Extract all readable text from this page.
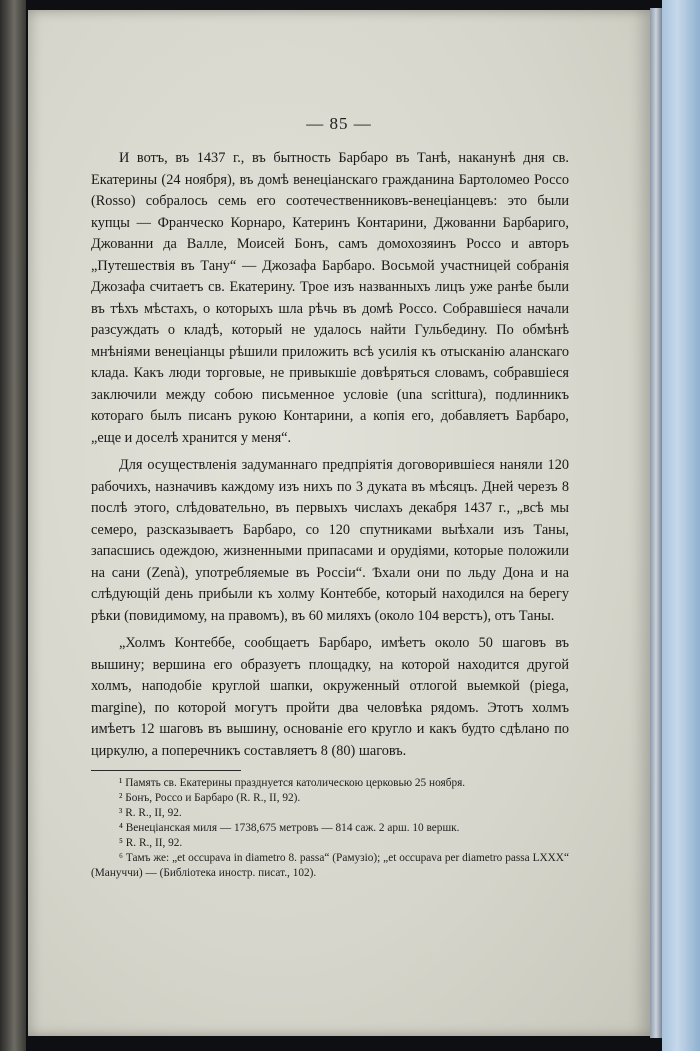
— 85 —

И вотъ, въ 1437 г., въ бытность Барбаро въ Танѣ, наканунѣ дня св. Екатерины (24 ноября), въ домѣ венеціанскаго гражданина Бартоломео Россо (Rosso) собралось семь его соотечественниковъ-венеціанцевъ: это были купцы — Франческо Корнаро, Катеринъ Контарини, Джованни Барбариго, Джованни да Валле, Моисей Бонъ, самъ домохозяинъ Россо и авторъ „Путешествія въ Тану“ — Джозафа Барбаро. Восьмой участницей собранія Джозафа считаетъ св. Екатерину. Трое изъ названныхъ лицъ уже ранѣе были въ тѣхъ мѣстахъ, о которыхъ шла рѣчь въ домѣ Россо. Собравшіеся начали разсуждать о кладѣ, который не удалось найти Гульбедину. По обмѣнѣ мнѣніями венеціанцы рѣшили приложить всѣ усилія къ отысканію аланскаго клада. Какъ люди торговые, не привыкшіе довѣряться словамъ, собравшіеся заключили между собою письменное условіе (una scrittura), подлинникъ котораго былъ писанъ рукою Контарини, а копія его, добавляетъ Барбаро, „еще и доселѣ хранится у меня“.

Для осуществленія задуманнаго предпріятія договорившіеся наняли 120 рабочихъ, назначивъ каждому изъ нихъ по 3 дуката въ мѣсяцъ. Дней черезъ 8 послѣ этого, слѣдовательно, въ первыхъ числахъ декабря 1437 г., „всѣ мы семеро, разсказываетъ Барбаро, со 120 спутниками выѣхали изъ Таны, запасшись одеждою, жизненными припасами и орудіями, которые положили на сани (Zenà), употребляемые въ Россіи“. Ѣхали они по льду Дона и на слѣдующій день прибыли къ холму Контеббе, который находился на берегу рѣки (повидимому, на правомъ), въ 60 миляхъ (около 104 верстъ), отъ Таны.

„Холмъ Контеббе, сообщаетъ Барбаро, имѣетъ около 50 шаговъ въ вышину; вершина его образуетъ площадку, на которой находится другой холмъ, наподобіе круглой шапки, окруженный отлогой выемкой (piega, margine), по которой могутъ пройти два человѣка рядомъ. Этотъ холмъ имѣетъ 12 шаговъ въ вышину, основаніе его кругло и какъ будто сдѣлано по циркулю, а поперечникъ составляетъ 8 (80) шаговъ.

¹ Память св. Екатерины празднуется католическою церковью 25 ноября.
² Бонъ, Россо и Барбаро (R. R., II, 92).
³ R. R., II, 92.
⁴ Венеціанская миля — 1738,675 метровъ — 814 саж. 2 арш. 10 вершк.
⁵ R. R., II, 92.
⁶ Тамъ же: „et occupava in diametro 8. passa“ (Рамузіо); „et occupava per diametro passa LXXX“ (Мануччи) — (Библіотека иностр. писат., 102).
